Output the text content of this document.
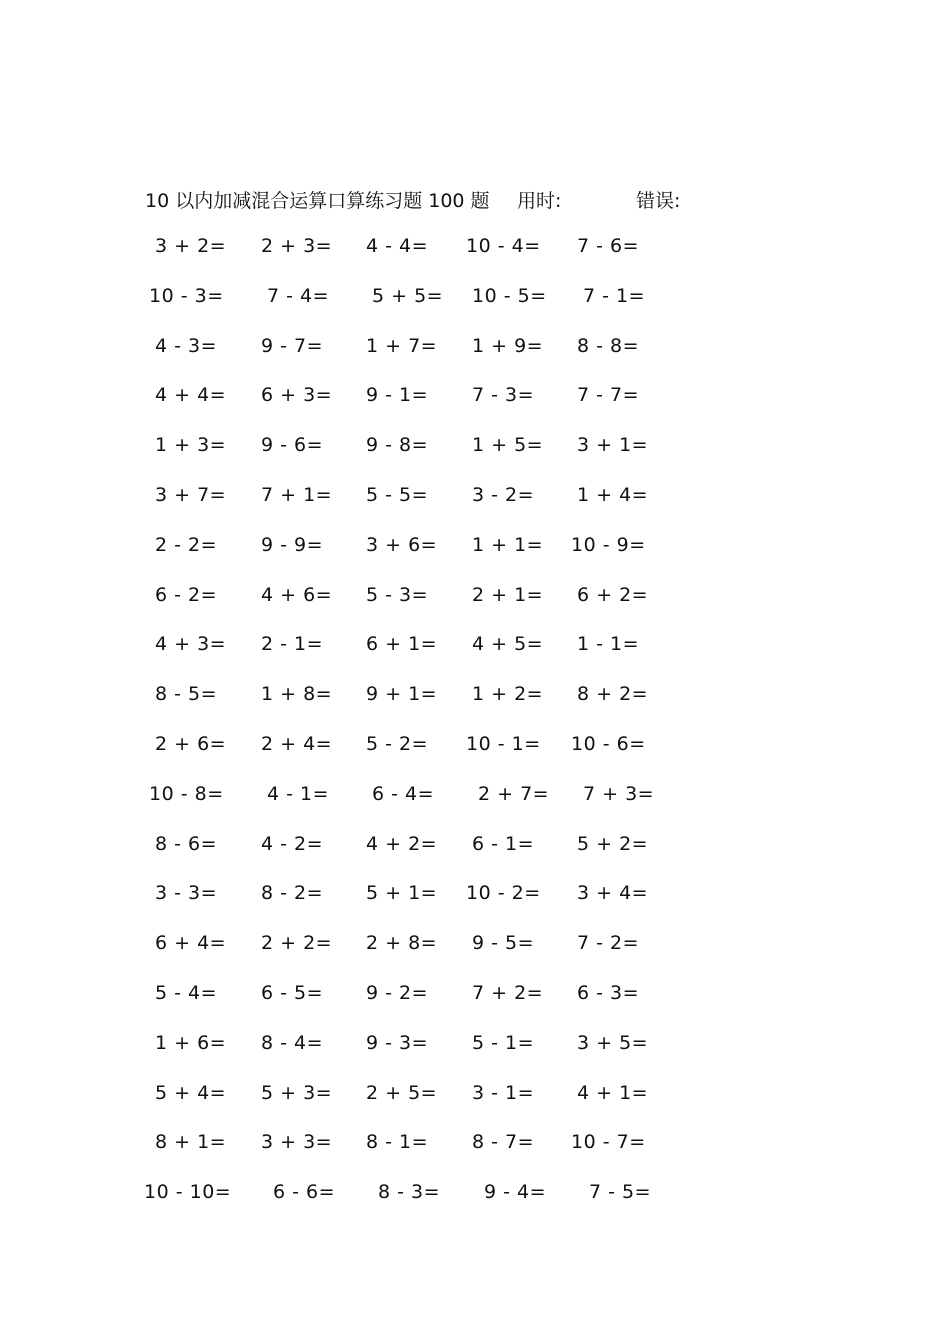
10 以内加减混合运算口算练习题 100 题 用时:	错误:
3 + 2= 2 + 3= 4 - 4= 10 - 4= 7 - 6=
10 - 3= 7 - 4= 5 + 5= 10 - 5= 7 - 1=
4 - 3= 9 - 7= 1 + 7= 1 + 9= 8 - 8=
4 + 4= 6 + 3= 9 - 1= 7 - 3= 7 - 7=
1 + 3= 9 - 6= 9 - 8= 1 + 5= 3 + 1=
3 + 7= 7 + 1= 5 - 5= 3 - 2= 1 + 4=
2 - 2= 9 - 9= 3 + 6= 1 + 1= 10 - 9=
6 - 2= 4 + 6= 5 - 3= 2 + 1= 6 + 2=
4 + 3= 2 - 1= 6 + 1= 4 + 5= 1 - 1=
8 - 5= 1 + 8= 9 + 1= 1 + 2= 8 + 2=
2 + 6= 2 + 4= 5 - 2= 10 - 1= 10 - 6=
10 - 8= 4 - 1= 6 - 4= 2 + 7= 7 + 3=
8 - 6= 4 - 2= 4 + 2= 6 - 1= 5 + 2=
3 - 3= 8 - 2= 5 + 1= 10 - 2= 3 + 4=
6 + 4= 2 + 2= 2 + 8= 9 - 5= 7 - 2=
5 - 4= 6 - 5= 9 - 2= 7 + 2= 6 - 3=
1 + 6= 8 - 4= 9 - 3= 5 - 1= 3 + 5=
5 + 4= 5 + 3= 2 + 5= 3 - 1= 4 + 1=
8 + 1= 3 + 3= 8 - 1= 8 - 7= 10 - 7=
10 - 10= 6 - 6= 8 - 3= 9 - 4= 7 - 5=
